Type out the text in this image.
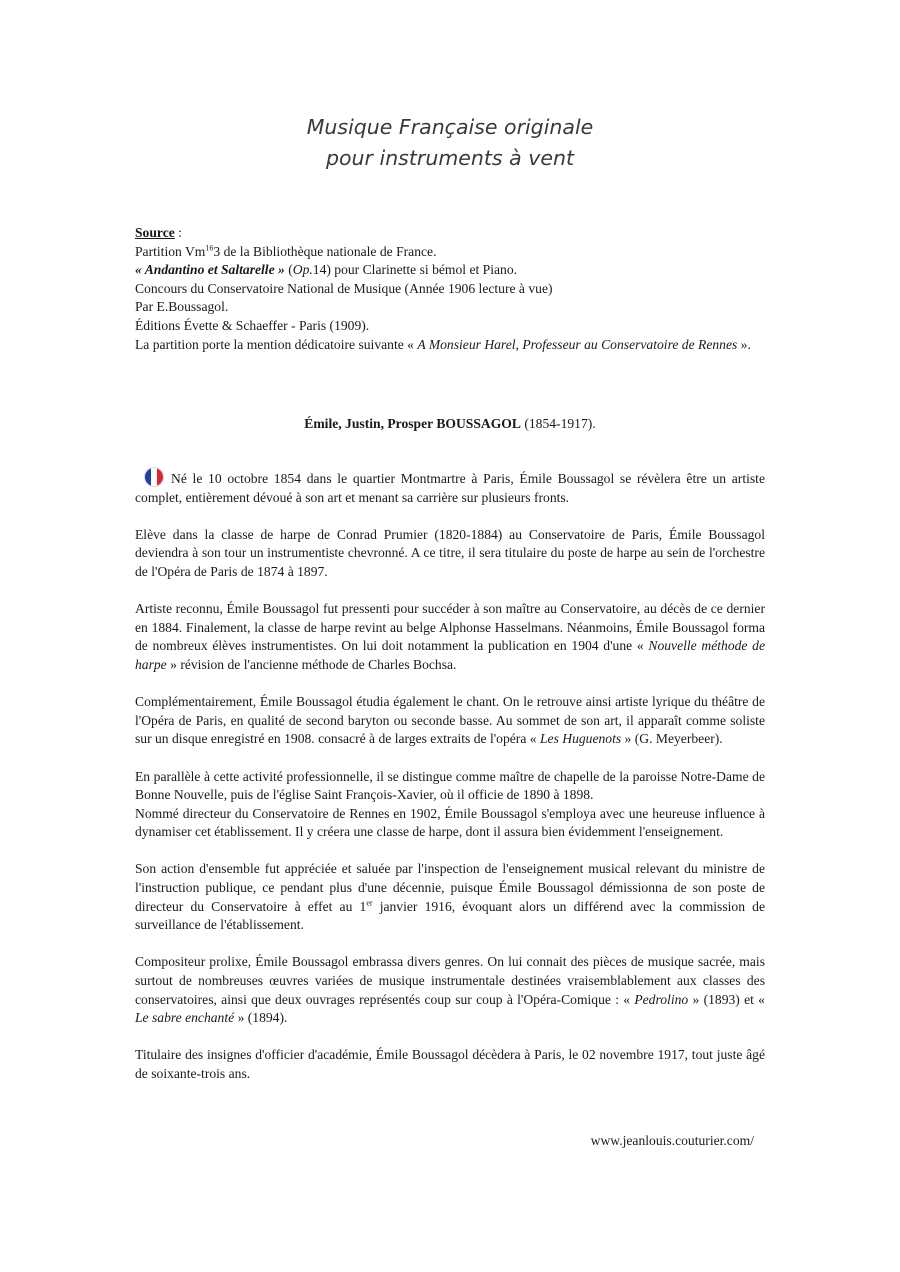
Musique Française originale
pour instruments à vent
Source :
Partition Vm$^{16}$3 de la Bibliothèque nationale de France.
« Andantino et Saltarelle » (Op.14) pour Clarinette si bémol et Piano.
Concours du Conservatoire National de Musique (Année 1906 lecture à vue)
Par E.Boussagol.
Éditions Évette & Schaeffer - Paris (1909).
La partition porte la mention dédicatoire suivante « A Monsieur Harel, Professeur au Conservatoire de Rennes ».
Émile, Justin, Prosper BOUSSAGOL (1854-1917).

Né le 10 octobre 1854 dans le quartier Montmartre à Paris, Émile Boussagol se révèlera être un artiste complet, entièrement dévoué à son art et menant sa carrière sur plusieurs fronts.

Elève dans la classe de harpe de Conrad Prumier (1820-1884) au Conservatoire de Paris, Émile Boussagol deviendra à son tour un instrumentiste chevronné. A ce titre, il sera titulaire du poste de harpe au sein de l'orchestre de l'Opéra de Paris de 1874 à 1897.

Artiste reconnu, Émile Boussagol fut pressenti pour succéder à son maître au Conservatoire, au décès de ce dernier en 1884. Finalement, la classe de harpe revint au belge Alphonse Hasselmans. Néanmoins, Émile Boussagol forma de nombreux élèves instrumentistes. On lui doit notamment la publication en 1904 d'une « Nouvelle méthode de harpe » révision de l'ancienne méthode de Charles Bochsa.

Complémentairement, Émile Boussagol étudia également le chant. On le retrouve ainsi artiste lyrique du théâtre de l'Opéra de Paris, en qualité de second baryton ou seconde basse. Au sommet de son art, il apparaît comme soliste sur un disque enregistré en 1908. consacré à de larges extraits de l'opéra « Les Huguenots » (G. Meyerbeer).

En parallèle à cette activité professionnelle, il se distingue comme maître de chapelle de la paroisse Notre-Dame de Bonne Nouvelle, puis de l'église Saint François-Xavier, où il officie de 1890 à 1898.
Nommé directeur du Conservatoire de Rennes en 1902, Émile Boussagol s'employa avec une heureuse influence à dynamiser cet établissement. Il y créera une classe de harpe, dont il assura bien évidemment l'enseignement.

Son action d'ensemble fut appréciée et saluée par l'inspection de l'enseignement musical relevant du ministre de l'instruction publique, ce pendant plus d'une décennie, puisque Émile Boussagol démissionna de son poste de directeur du Conservatoire à effet au 1er janvier 1916, évoquant alors un différend avec la commission de surveillance de l'établissement.

Compositeur prolixe, Émile Boussagol embrassa divers genres. On lui connait des pièces de musique sacrée, mais surtout de nombreuses œuvres variées de musique instrumentale destinées vraisemblablement aux classes des conservatoires, ainsi que deux ouvrages représentés coup sur coup à l'Opéra-Comique : « Pedrolino » (1893) et « Le sabre enchanté » (1894).

Titulaire des insignes d'officier d'académie, Émile Boussagol décèdera à Paris, le 02 novembre 1917, tout juste âgé de soixante-trois ans.

www.jeanlouis.couturier.com/
